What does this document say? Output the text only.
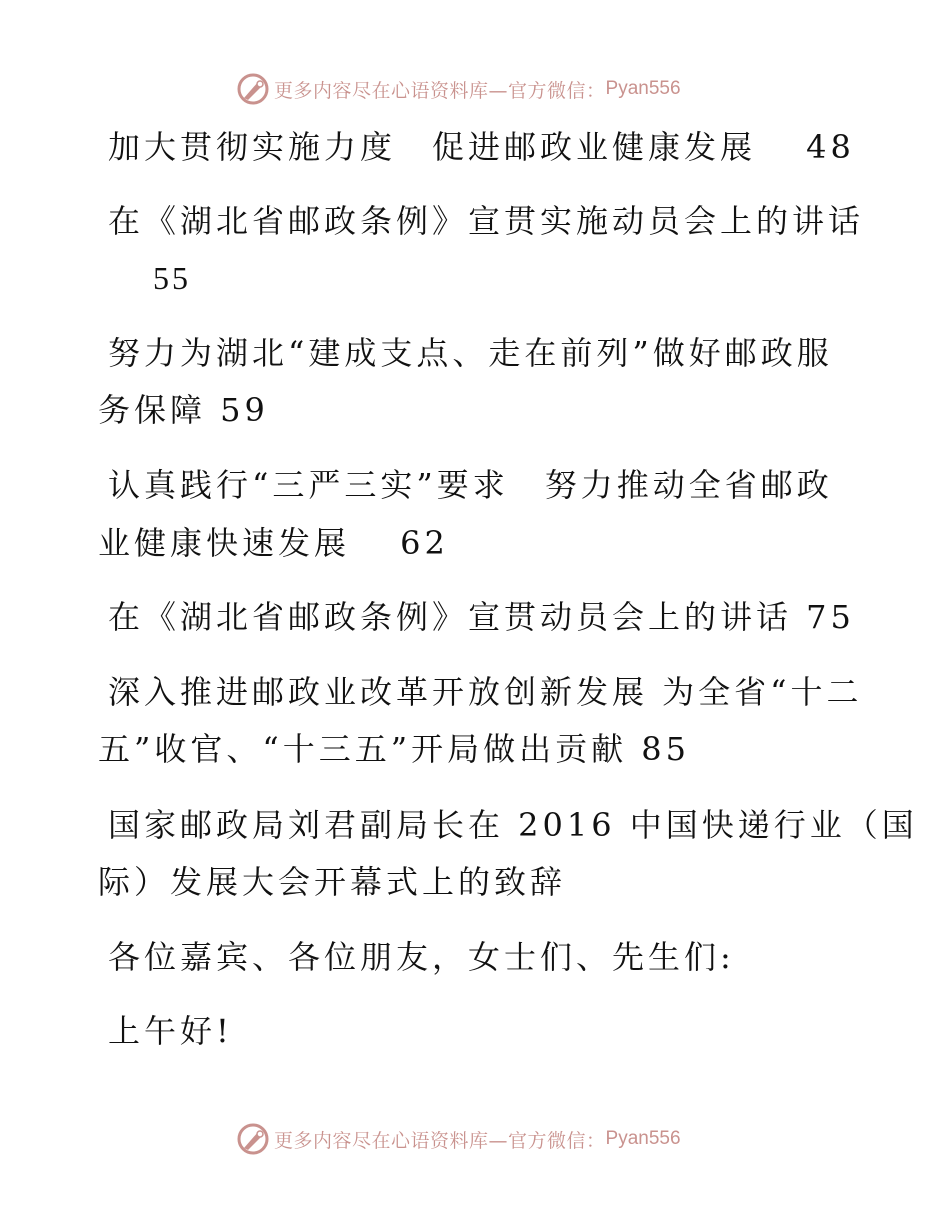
更多内容尽在心语资料库—官方微信： Pyan556

加大贯彻实施力度　促进邮政业健康发展　 48

在《湖北省邮政条例》宣贯实施动员会上的讲话

55

努力为湖北“建成支点、走在前列”做好邮政服

务保障 59

认真践行“三严三实”要求　努力推动全省邮政

业健康快速发展　 62

在《湖北省邮政条例》宣贯动员会上的讲话 75

深入推进邮政业改革开放创新发展 为全省“十二

五”收官、“十三五”开局做出贡献 85

国家邮政局刘君副局长在 2016 中国快递行业（国

际）发展大会开幕式上的致辞

各位嘉宾、各位朋友，女士们、先生们:

上午好!

更多内容尽在心语资料库—官方微信： Pyan556
